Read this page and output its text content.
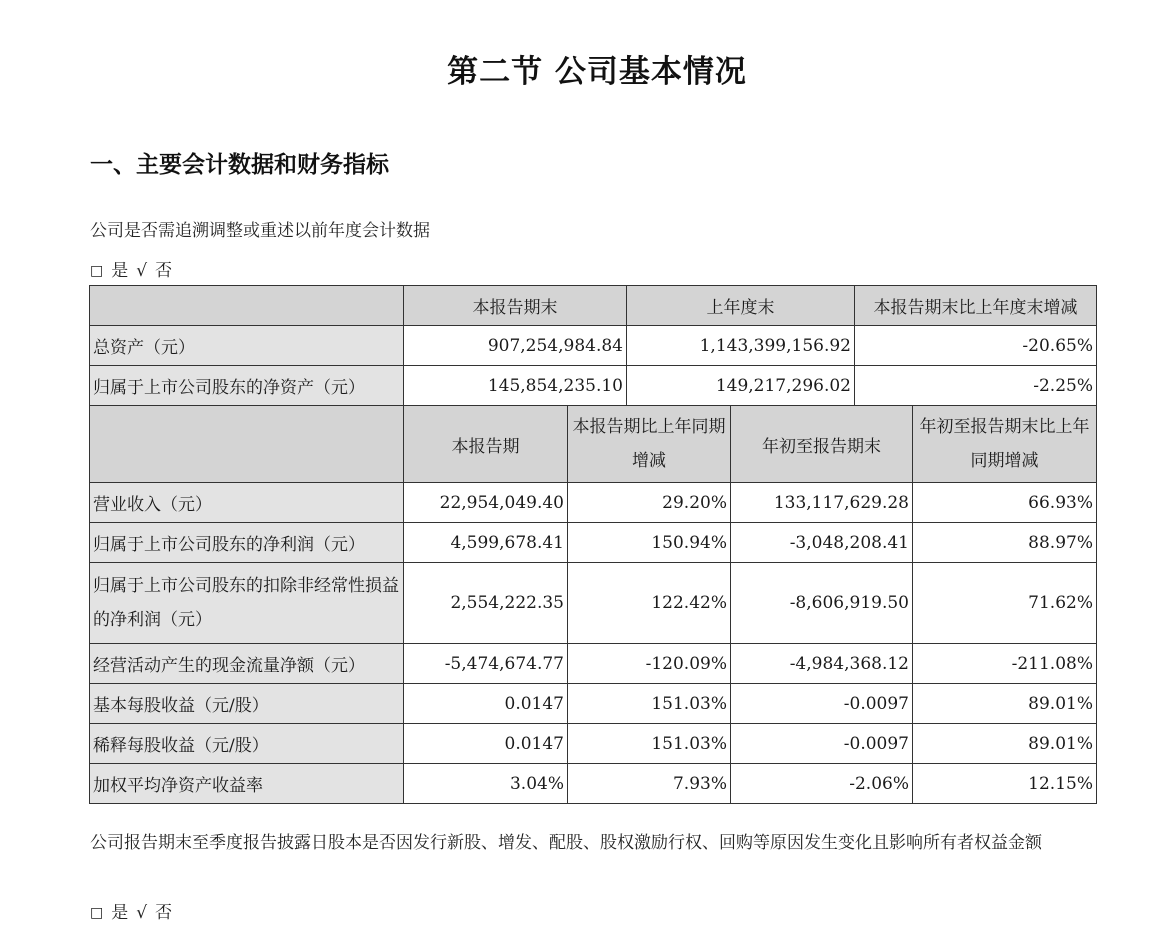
第二节 公司基本情况
一、主要会计数据和财务指标
公司是否需追溯调整或重述以前年度会计数据
□ 是 √ 否
	本报告期末		上年度末		本报告期末比上年度末增减	
总资产（元）	907,254,984.84		1,143,399,156.92		-20.65%	
归属于上市公司股东的净资产（元）	145,854,235.10		149,217,296.02		-2.25%	
	本报告期	本报告期比上年同期增减		年初至报告期末		年初至报告期末比上年同期增减
营业收入（元）	22,954,049.40	29.20%		133,117,629.28		66.93%
归属于上市公司股东的净利润（元）	4,599,678.41	150.94%		-3,048,208.41		88.97%
归属于上市公司股东的扣除非经常性损益的净利润（元）	2,554,222.35	122.42%		-8,606,919.50		71.62%
经营活动产生的现金流量净额（元）	-5,474,674.77	-120.09%		-4,984,368.12		-211.08%
基本每股收益（元/股）	0.0147	151.03%		-0.0097		89.01%
稀释每股收益（元/股）	0.0147	151.03%		-0.0097		89.01%
加权平均净资产收益率	3.04%	7.93%		-2.06%		12.15%
公司报告期末至季度报告披露日股本是否因发行新股、增发、配股、股权激励行权、回购等原因发生变化且影响所有者权益金额
□ 是 √ 否
